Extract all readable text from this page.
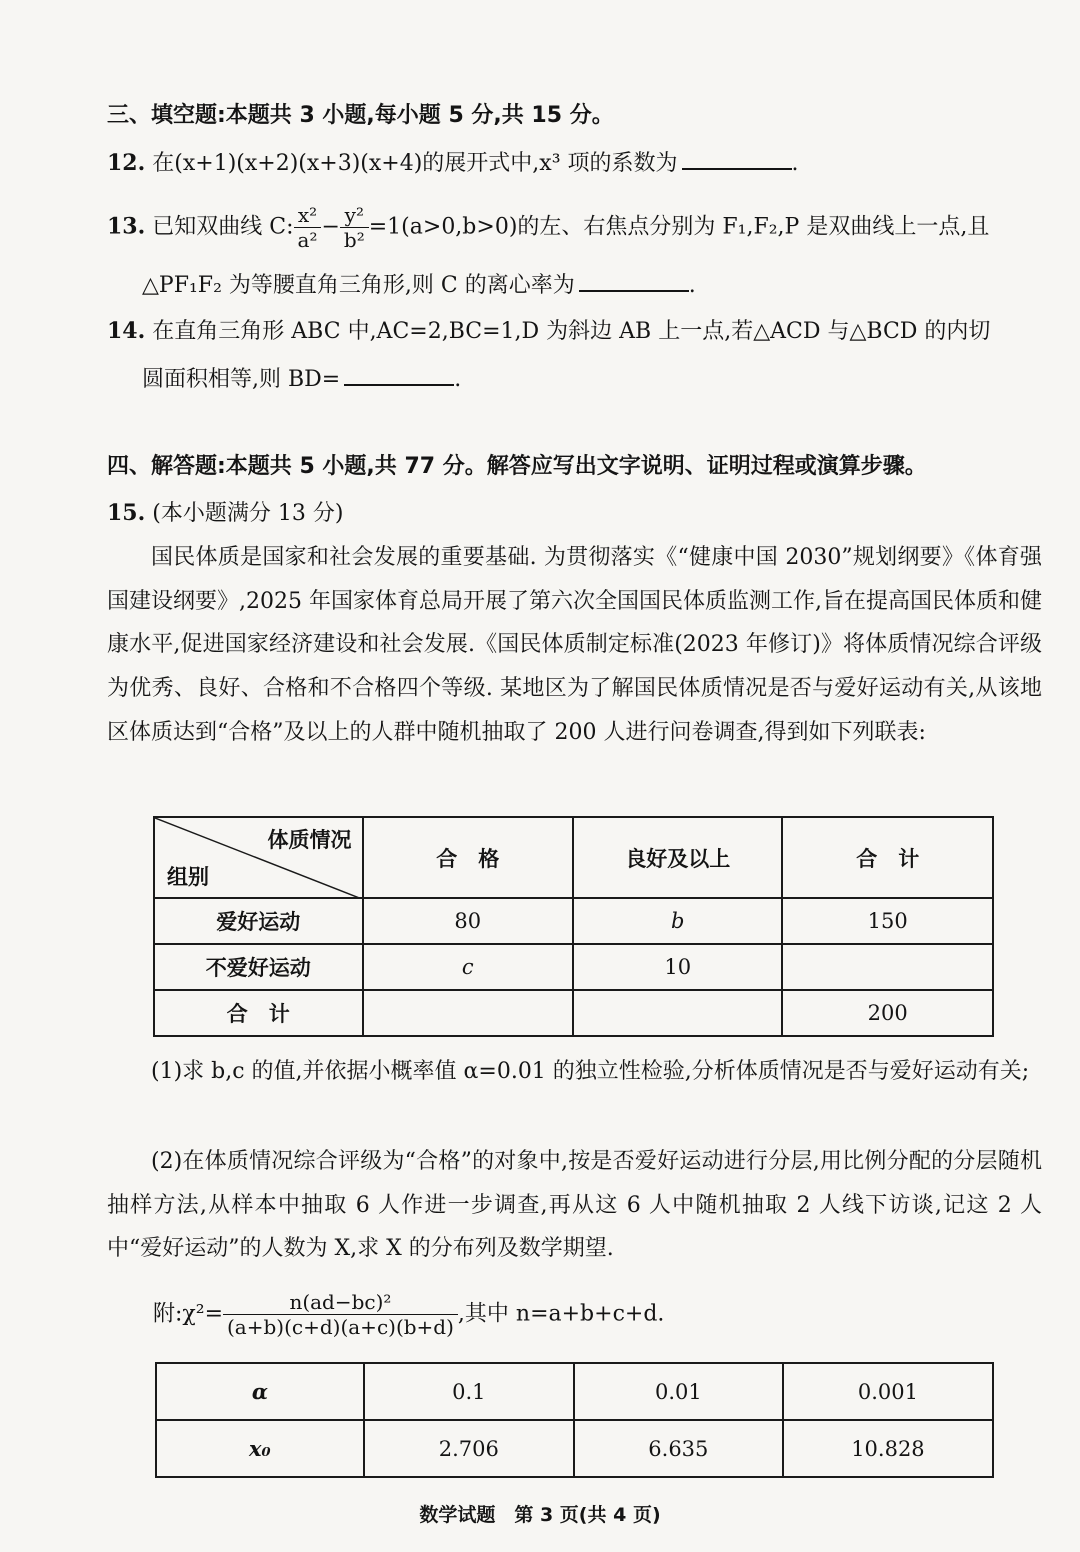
三、填空题:本题共 3 小题,每小题 5 分,共 15 分。
12. 在(x+1)(x+2)(x+3)(x+4)的展开式中,x³ 项的系数为	.
13. 已知双曲线 C: $\frac{\text{x²}}{\text{a²}} - \frac{\text{y²}}{\text{b²}} =1(a>0,b>0)$的左、右焦点分别为 F₁,F₂,P 是双曲线上一点,且
△PF₁F₂ 为等腰直角三角形,则 C 的离心率为	.
14. 在直角三角形 ABC 中,AC=2,BC=1,D 为斜边 AB 上一点,若△ACD 与△BCD 的内切
圆面积相等,则 BD=	.
四、解答题:本题共 5 小题,共 77 分。解答应写出文字说明、证明过程或演算步骤。
15. (本小题满分 13 分)
国民体质是国家和社会发展的重要基础. 为贯彻落实《“健康中国 2030”规划纲要》《体育强国建设纲要》,2025 年国家体育总局开展了第六次全国国民体质监测工作,旨在提高国民体质和健康水平,促进国家经济建设和社会发展.《国民体质制定标准(2023 年修订)》将体质情况综合评级为优秀、良好、合格和不合格四个等级. 某地区为了解国民体质情况是否与爱好运动有关,从该地区体质达到“合格”及以上的人群中随机抽取了 200 人进行问卷调查,得到如下列联表:
体质情况
组别	合　格	良好及以上	合　计
爱好运动	80	b	150
不爱好运动	c	10	
合　计			200
(1)求 b,c 的值,并依据小概率值 α=0.01 的独立性检验,分析体质情况是否与爱好运动有关;
(2)在体质情况综合评级为“合格”的对象中,按是否爱好运动进行分层,用比例分配的分层随机抽样方法,从样本中抽取 6 人作进一步调查,再从这 6 人中随机抽取 2 人线下访谈,记这 2 人中“爱好运动”的人数为 X,求 X 的分布列及数学期望.
附:χ²= $\frac{\text{n(ad−bc)²}}{(a+b)(c+d)(a+c)(b+d)}$ ,其中 n=a+b+c+d.
α	0.1	0.01	0.001
x₀	2.706	6.635	10.828
数学试题　第 3 页(共 4 页)
